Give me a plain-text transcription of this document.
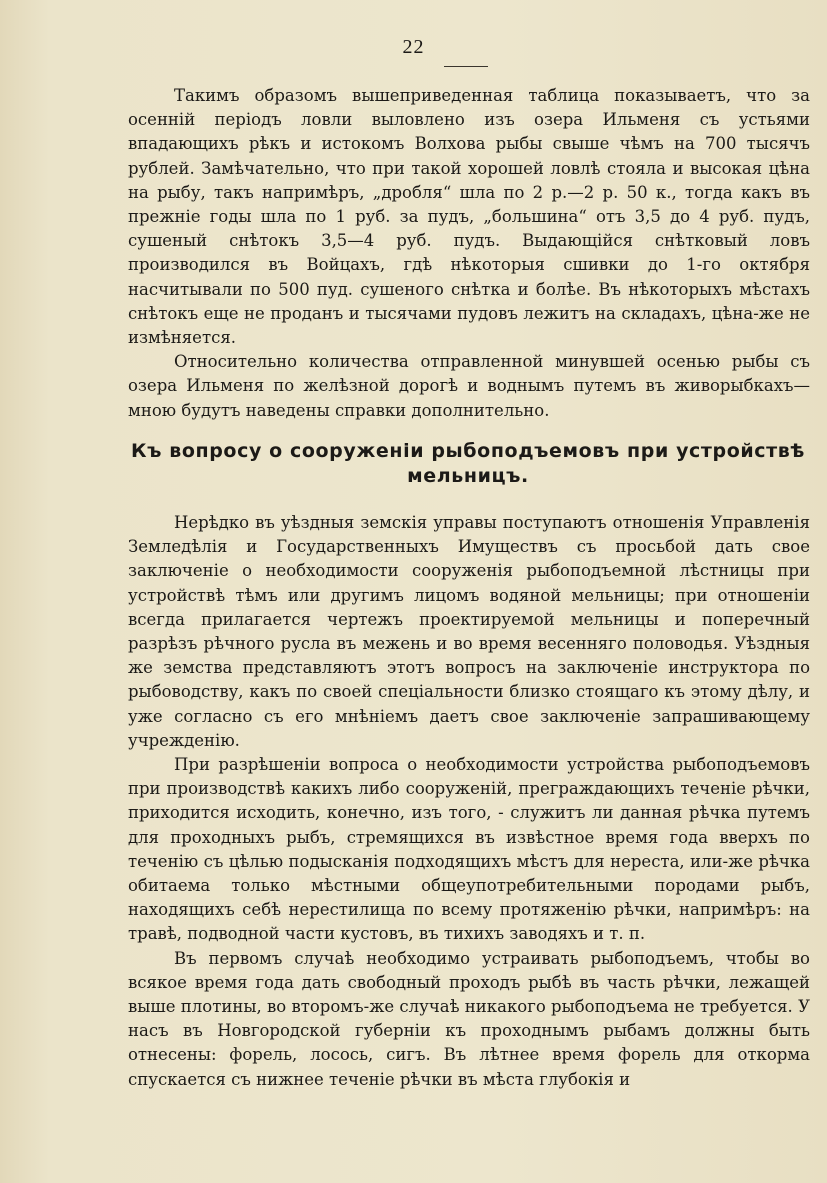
22

Такимъ образомъ вышеприведенная таблица показываетъ, что за осеннiй перiодъ ловли выловлено изъ озера Ильменя съ устьями впадающихъ рѣкъ и истокомъ Волхова рыбы свыше чѣмъ на 700 тысячъ рублей. Замѣчательно, что при такой хорошей ловлѣ стояла и высокая цѣна на рыбу, такъ напримѣръ, „дробля“ шла по 2 р.—2 р. 50 к., тогда какъ въ прежнiе годы шла по 1 руб. за пудъ, „большина“ отъ 3,5 до 4 руб. пудъ, сушеный снѣтокъ 3,5—4 руб. пудъ. Выдающiйся снѣтковый ловъ производился въ Войцахъ, гдѣ нѣкоторыя сшивки до 1-го октября насчитывали по 500 пуд. сушеного снѣтка и болѣе. Въ нѣкоторыхъ мѣстахъ снѣтокъ еще не проданъ и тысячами пудовъ лежитъ на складахъ, цѣна-же не измѣняется.

Относительно количества отправленной минувшей осенью рыбы съ озера Ильменя по желѣзной дорогѣ и воднымъ путемъ въ живорыбкахъ—мною будутъ наведены справки дополнительно.

Къ вопросу о сооруженiи рыбоподъемовъ при устройствѣ
мельницъ.

Нерѣдко въ уѣздныя земскiя управы поступаютъ отношенiя Управленiя Земледѣлiя и Государственныхъ Имуществъ съ просьбой дать свое заключенiе о необходимости сооруженiя рыбоподъемной лѣстницы при устройствѣ тѣмъ или другимъ лицомъ водяной мельницы; при отношенiи всегда прилагается чертежъ проектируемой мельницы и поперечный разрѣзъ рѣчного русла въ межень и во время весенняго половодья. Уѣздныя же земства представляютъ этотъ вопросъ на заключенiе инструктора по рыбоводству, какъ по своей спецiальности близко стоящаго къ этому дѣлу, и уже согласно съ его мнѣнiемъ даетъ свое заключенiе запрашивающему учрежденiю.

При разрѣшенiи вопроса о необходимости устройства рыбоподъемовъ при производствѣ какихъ либо сооруженiй, преграждающихъ теченiе рѣчки, приходится исходить, конечно, изъ того, - служитъ ли данная рѣчка путемъ для проходныхъ рыбъ, стремящихся въ извѣстное время года вверхъ по теченiю съ цѣлью подысканiя подходящихъ мѣстъ для нереста, или-же рѣчка обитаема только мѣстными общеупотребительными породами рыбъ, находящихъ себѣ нерестилища по всему протяженiю рѣчки, напримѣръ: на травѣ, подводной части кустовъ, въ тихихъ заводяхъ и т. п.

Въ первомъ случаѣ необходимо устраивать рыбоподъемъ, чтобы во всякое время года дать свободный проходъ рыбѣ въ часть рѣчки, лежащей выше плотины, во второмъ-же случаѣ никакого рыбоподъема не требуется. У насъ въ Новгородской губернiи къ проходнымъ рыбамъ должны быть отнесены: форель, лосось, сигъ. Въ лѣтнее время форель для откорма спускается съ нижнее теченiе рѣчки въ мѣста глубокiя и
